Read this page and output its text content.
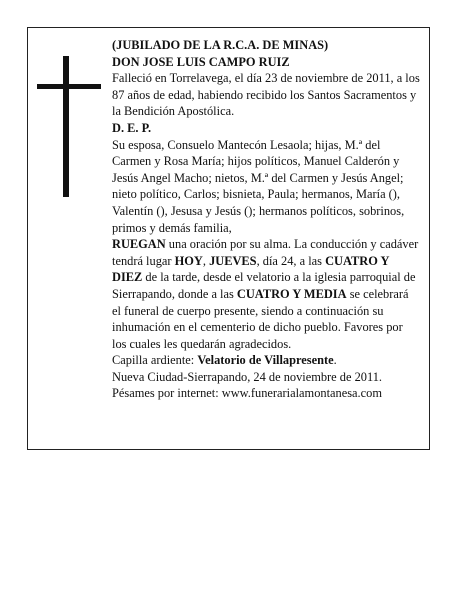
(JUBILADO DE LA R.C.A. DE MINAS)

DON JOSE LUIS CAMPO RUIZ

Falleció en Torrelavega, el día 23 de noviembre de 2011, a los 87 años de edad, habiendo recibido los Santos Sacramentos y la Bendición Apostólica.

D. E. P.

Su esposa, Consuelo Mantecón Lesaola; hijas, M.ª del Carmen y Rosa María; hijos políticos, Manuel Calderón y Jesús Angel Macho; nietos, M.ª del Carmen y Jesús Angel; nieto político, Carlos; bisnieta, Paula; hermanos, María (), Valentín (), Jesusa y Jesús (); hermanos políticos, sobrinos, primos y demás familia,

RUEGAN una oración por su alma. La conducción y cadáver tendrá lugar HOY, JUEVES, día 24, a las CUATRO Y DIEZ de la tarde, desde el velatorio a la iglesia parroquial de Sierrapando, donde a las CUATRO Y MEDIA se celebrará el funeral de cuerpo presente, siendo a continuación su inhumación en el cementerio de dicho pueblo. Favores por los cuales les quedarán agradecidos.

Capilla ardiente: Velatorio de Villapresente.

Nueva Ciudad-Sierrapando, 24 de noviembre de 2011.

Pésames por internet: www.funerarialamontanesa.com
